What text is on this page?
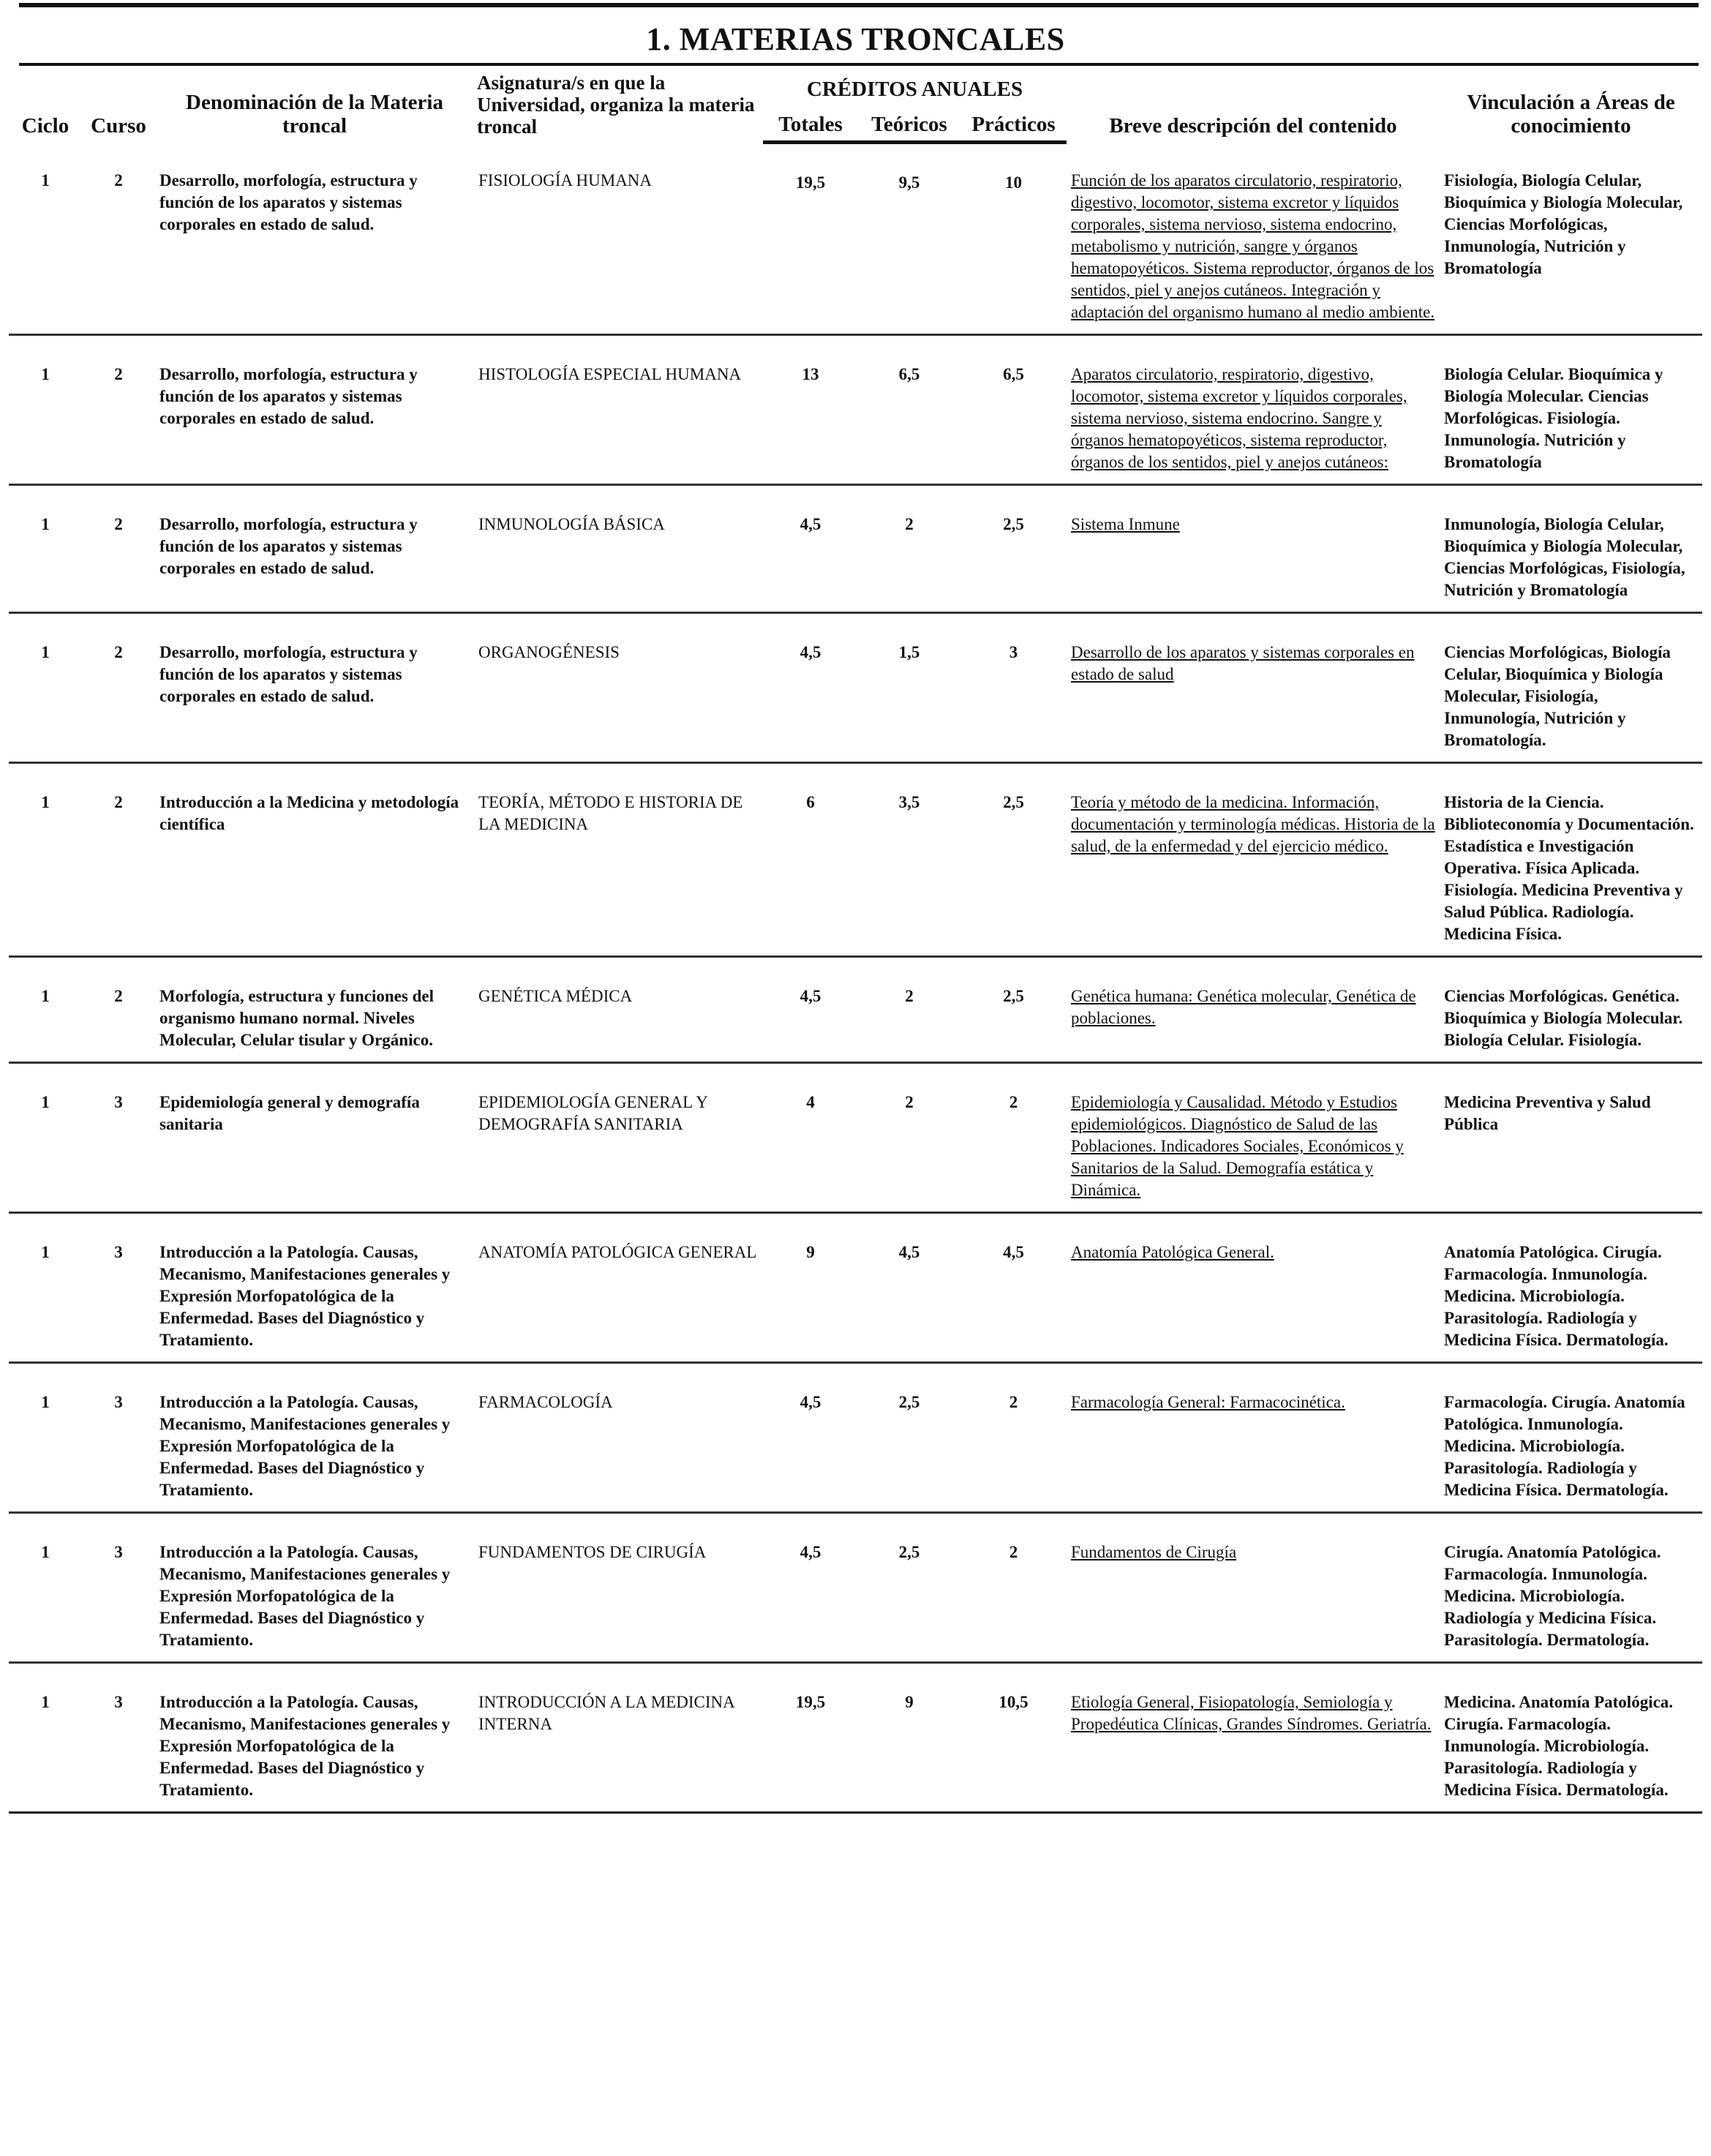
1. MATERIAS TRONCALES
Ciclo	Curso	Denominación de la Materia troncal	Asignatura/s en que la Universidad, organiza la materia troncal	CRÉDITOS ANUALES			Breve descripción del contenido	Vinculación a Áreas de conocimiento
				Totales	Teóricos	Prácticos		
1	2	Desarrollo, morfología, estructura y función de los aparatos y sistemas corporales en estado de salud.	FISIOLOGÍA HUMANA	19,5	9,5	10	Función de los aparatos circulatorio, respiratorio, digestivo, locomotor, sistema excretor y líquidos corporales, sistema nervioso, sistema endocrino, metabolismo y nutrición, sangre y órganos hematopoyéticos. Sistema reproductor, órganos de los sentidos, piel y anejos cutáneos. Integración y adaptación del organismo humano al medio ambiente.	Fisiología, Biología Celular, Bioquímica y Biología Molecular, Ciencias Morfológicas, Inmunología, Nutrición y Bromatología
1	2	Desarrollo, morfología, estructura y función de los aparatos y sistemas corporales en estado de salud.	HISTOLOGÍA ESPECIAL HUMANA	13	6,5	6,5	Aparatos circulatorio, respiratorio, digestivo, locomotor, sistema excretor y líquidos corporales, sistema nervioso, sistema endocrino. Sangre y órganos hematopoyéticos, sistema reproductor, órganos de los sentidos, piel y anejos cutáneos:	Biología Celular. Bioquímica y Biología Molecular. Ciencias Morfológicas. Fisiología. Inmunología. Nutrición y Bromatología
1	2	Desarrollo, morfología, estructura y función de los aparatos y sistemas corporales en estado de salud.	INMUNOLOGÍA BÁSICA	4,5	2	2,5	Sistema Inmune	Inmunología, Biología Celular, Bioquímica y Biología Molecular, Ciencias Morfológicas, Fisiología, Nutrición y Bromatología
1	2	Desarrollo, morfología, estructura y función de los aparatos y sistemas corporales en estado de salud.	ORGANOGÉNESIS	4,5	1,5	3	Desarrollo de los aparatos y sistemas corporales en estado de salud	Ciencias Morfológicas, Biología Celular, Bioquímica y Biología Molecular, Fisiología, Inmunología, Nutrición y Bromatología.
1	2	Introducción a la Medicina y metodología científica	TEORÍA, MÉTODO E HISTORIA DE LA MEDICINA	6	3,5	2,5	Teoría y método de la medicina. Información, documentación y terminología médicas. Historia de la salud, de la enfermedad y del ejercicio médico.	Historia de la Ciencia. Biblioteconomía y Documentación. Estadística e Investigación Operativa. Física Aplicada. Fisiología. Medicina Preventiva y Salud Pública. Radiología. Medicina Física.
1	2	Morfología, estructura y funciones del organismo humano normal. Niveles Molecular, Celular tisular y Orgánico.	GENÉTICA MÉDICA	4,5	2	2,5	Genética humana: Genética molecular, Genética de poblaciones.	Ciencias Morfológicas. Genética. Bioquímica y Biología Molecular. Biología Celular. Fisiología.
1	3	Epidemiología general y demografía sanitaria	EPIDEMIOLOGÍA GENERAL Y DEMOGRAFÍA SANITARIA	4	2	2	Epidemiología y Causalidad. Método y Estudios epidemiológicos. Diagnóstico de Salud de las Poblaciones. Indicadores Sociales, Económicos y Sanitarios de la Salud. Demografía estática y Dinámica.	Medicina Preventiva y Salud Pública
1	3	Introducción a la Patología. Causas, Mecanismo, Manifestaciones generales y Expresión Morfopatológica de la Enfermedad. Bases del Diagnóstico y Tratamiento.	ANATOMÍA PATOLÓGICA GENERAL	9	4,5	4,5	Anatomía Patológica General.	Anatomía Patológica. Cirugía. Farmacología. Inmunología. Medicina. Microbiología. Parasitología. Radiología y Medicina Física. Dermatología.
1	3	Introducción a la Patología. Causas, Mecanismo, Manifestaciones generales y Expresión Morfopatológica de la Enfermedad. Bases del Diagnóstico y Tratamiento.	FARMACOLOGÍA	4,5	2,5	2	Farmacología General: Farmacocinética.	Farmacología. Cirugía. Anatomía Patológica. Inmunología. Medicina. Microbiología. Parasitología. Radiología y Medicina Física. Dermatología.
1	3	Introducción a la Patología. Causas, Mecanismo, Manifestaciones generales y Expresión Morfopatológica de la Enfermedad. Bases del Diagnóstico y Tratamiento.	FUNDAMENTOS DE CIRUGÍA	4,5	2,5	2	Fundamentos de Cirugía	Cirugía. Anatomía Patológica. Farmacología. Inmunología. Medicina. Microbiología. Radiología y Medicina Física. Parasitología. Dermatología.
1	3	Introducción a la Patología. Causas, Mecanismo, Manifestaciones generales y Expresión Morfopatológica de la Enfermedad. Bases del Diagnóstico y Tratamiento.	INTRODUCCIÓN A LA MEDICINA INTERNA	19,5	9	10,5	Etiología General, Fisiopatología, Semiología y Propedéutica Clínicas, Grandes Síndromes. Geriatría.	Medicina. Anatomía Patológica. Cirugía. Farmacología. Inmunología. Microbiología. Parasitología. Radiología y Medicina Física. Dermatología.
